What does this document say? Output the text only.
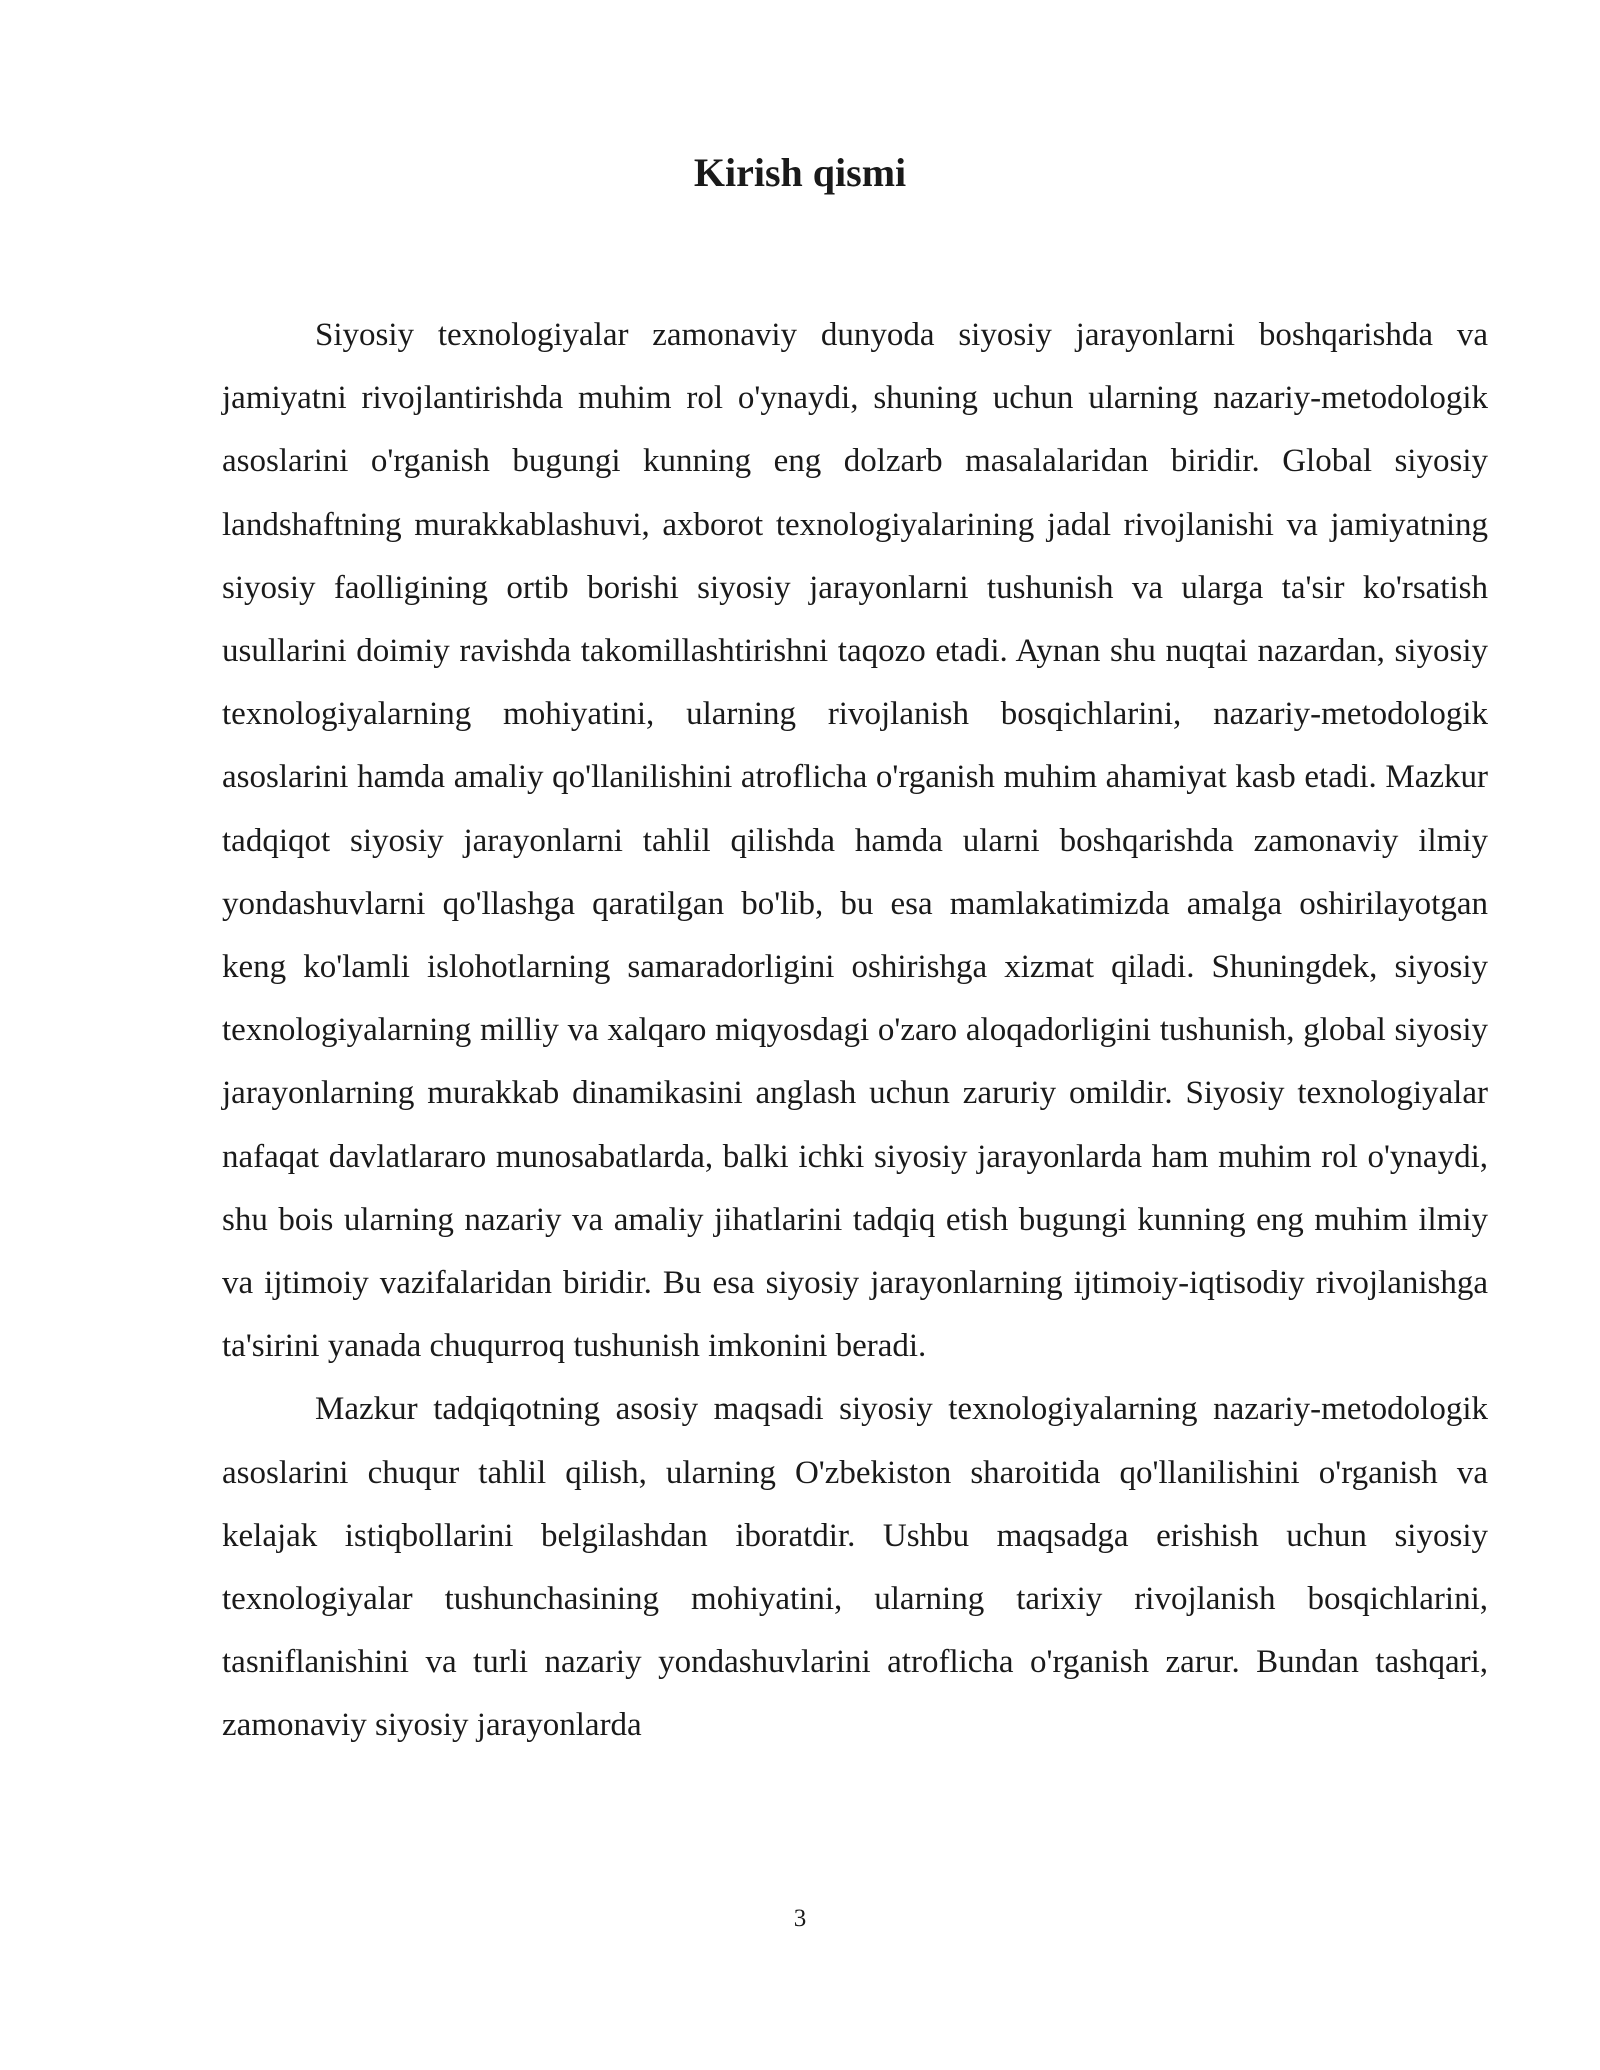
Kirish qismi

Siyosiy texnologiyalar zamonaviy dunyoda siyosiy jarayonlarni boshqarishda va jamiyatni rivojlantirishda muhim rol o'ynaydi, shuning uchun ularning nazariy-metodologik asoslarini o'rganish bugungi kunning eng dolzarb masalalaridan biridir. Global siyosiy landshaftning murakkablashuvi, axborot texnologiyalarining jadal rivojlanishi va jamiyatning siyosiy faolligining ortib borishi siyosiy jarayonlarni tushunish va ularga ta'sir ko'rsatish usullarini doimiy ravishda takomillashtirishni taqozo etadi. Aynan shu nuqtai nazardan, siyosiy texnologiyalarning mohiyatini, ularning rivojlanish bosqichlarini, nazariy-metodologik asoslarini hamda amaliy qo'llanilishini atroflicha o'rganish muhim ahamiyat kasb etadi. Mazkur tadqiqot siyosiy jarayonlarni tahlil qilishda hamda ularni boshqarishda zamonaviy ilmiy yondashuvlarni qo'llashga qaratilgan bo'lib, bu esa mamlakatimizda amalga oshirilayotgan keng ko'lamli islohotlarning samaradorligini oshirishga xizmat qiladi. Shuningdek, siyosiy texnologiyalarning milliy va xalqaro miqyosdagi o'zaro aloqadorligini tushunish, global siyosiy jarayonlarning murakkab dinamikasini anglash uchun zaruriy omildir. Siyosiy texnologiyalar nafaqat davlatlararo munosabatlarda, balki ichki siyosiy jarayonlarda ham muhim rol o'ynaydi, shu bois ularning nazariy va amaliy jihatlarini tadqiq etish bugungi kunning eng muhim ilmiy va ijtimoiy vazifalaridan biridir. Bu esa siyosiy jarayonlarning ijtimoiy-iqtisodiy rivojlanishga ta'sirini yanada chuqurroq tushunish imkonini beradi.

Mazkur tadqiqotning asosiy maqsadi siyosiy texnologiyalarning nazariy-metodologik asoslarini chuqur tahlil qilish, ularning O'zbekiston sharoitida qo'llanilishini o'rganish va kelajak istiqbollarini belgilashdan iboratdir. Ushbu maqsadga erishish uchun siyosiy texnologiyalar tushunchasining mohiyatini, ularning tarixiy rivojlanish bosqichlarini, tasniflanishini va turli nazariy yondashuvlarini atroflicha o'rganish zarur. Bundan tashqari, zamonaviy siyosiy jarayonlarda

3
